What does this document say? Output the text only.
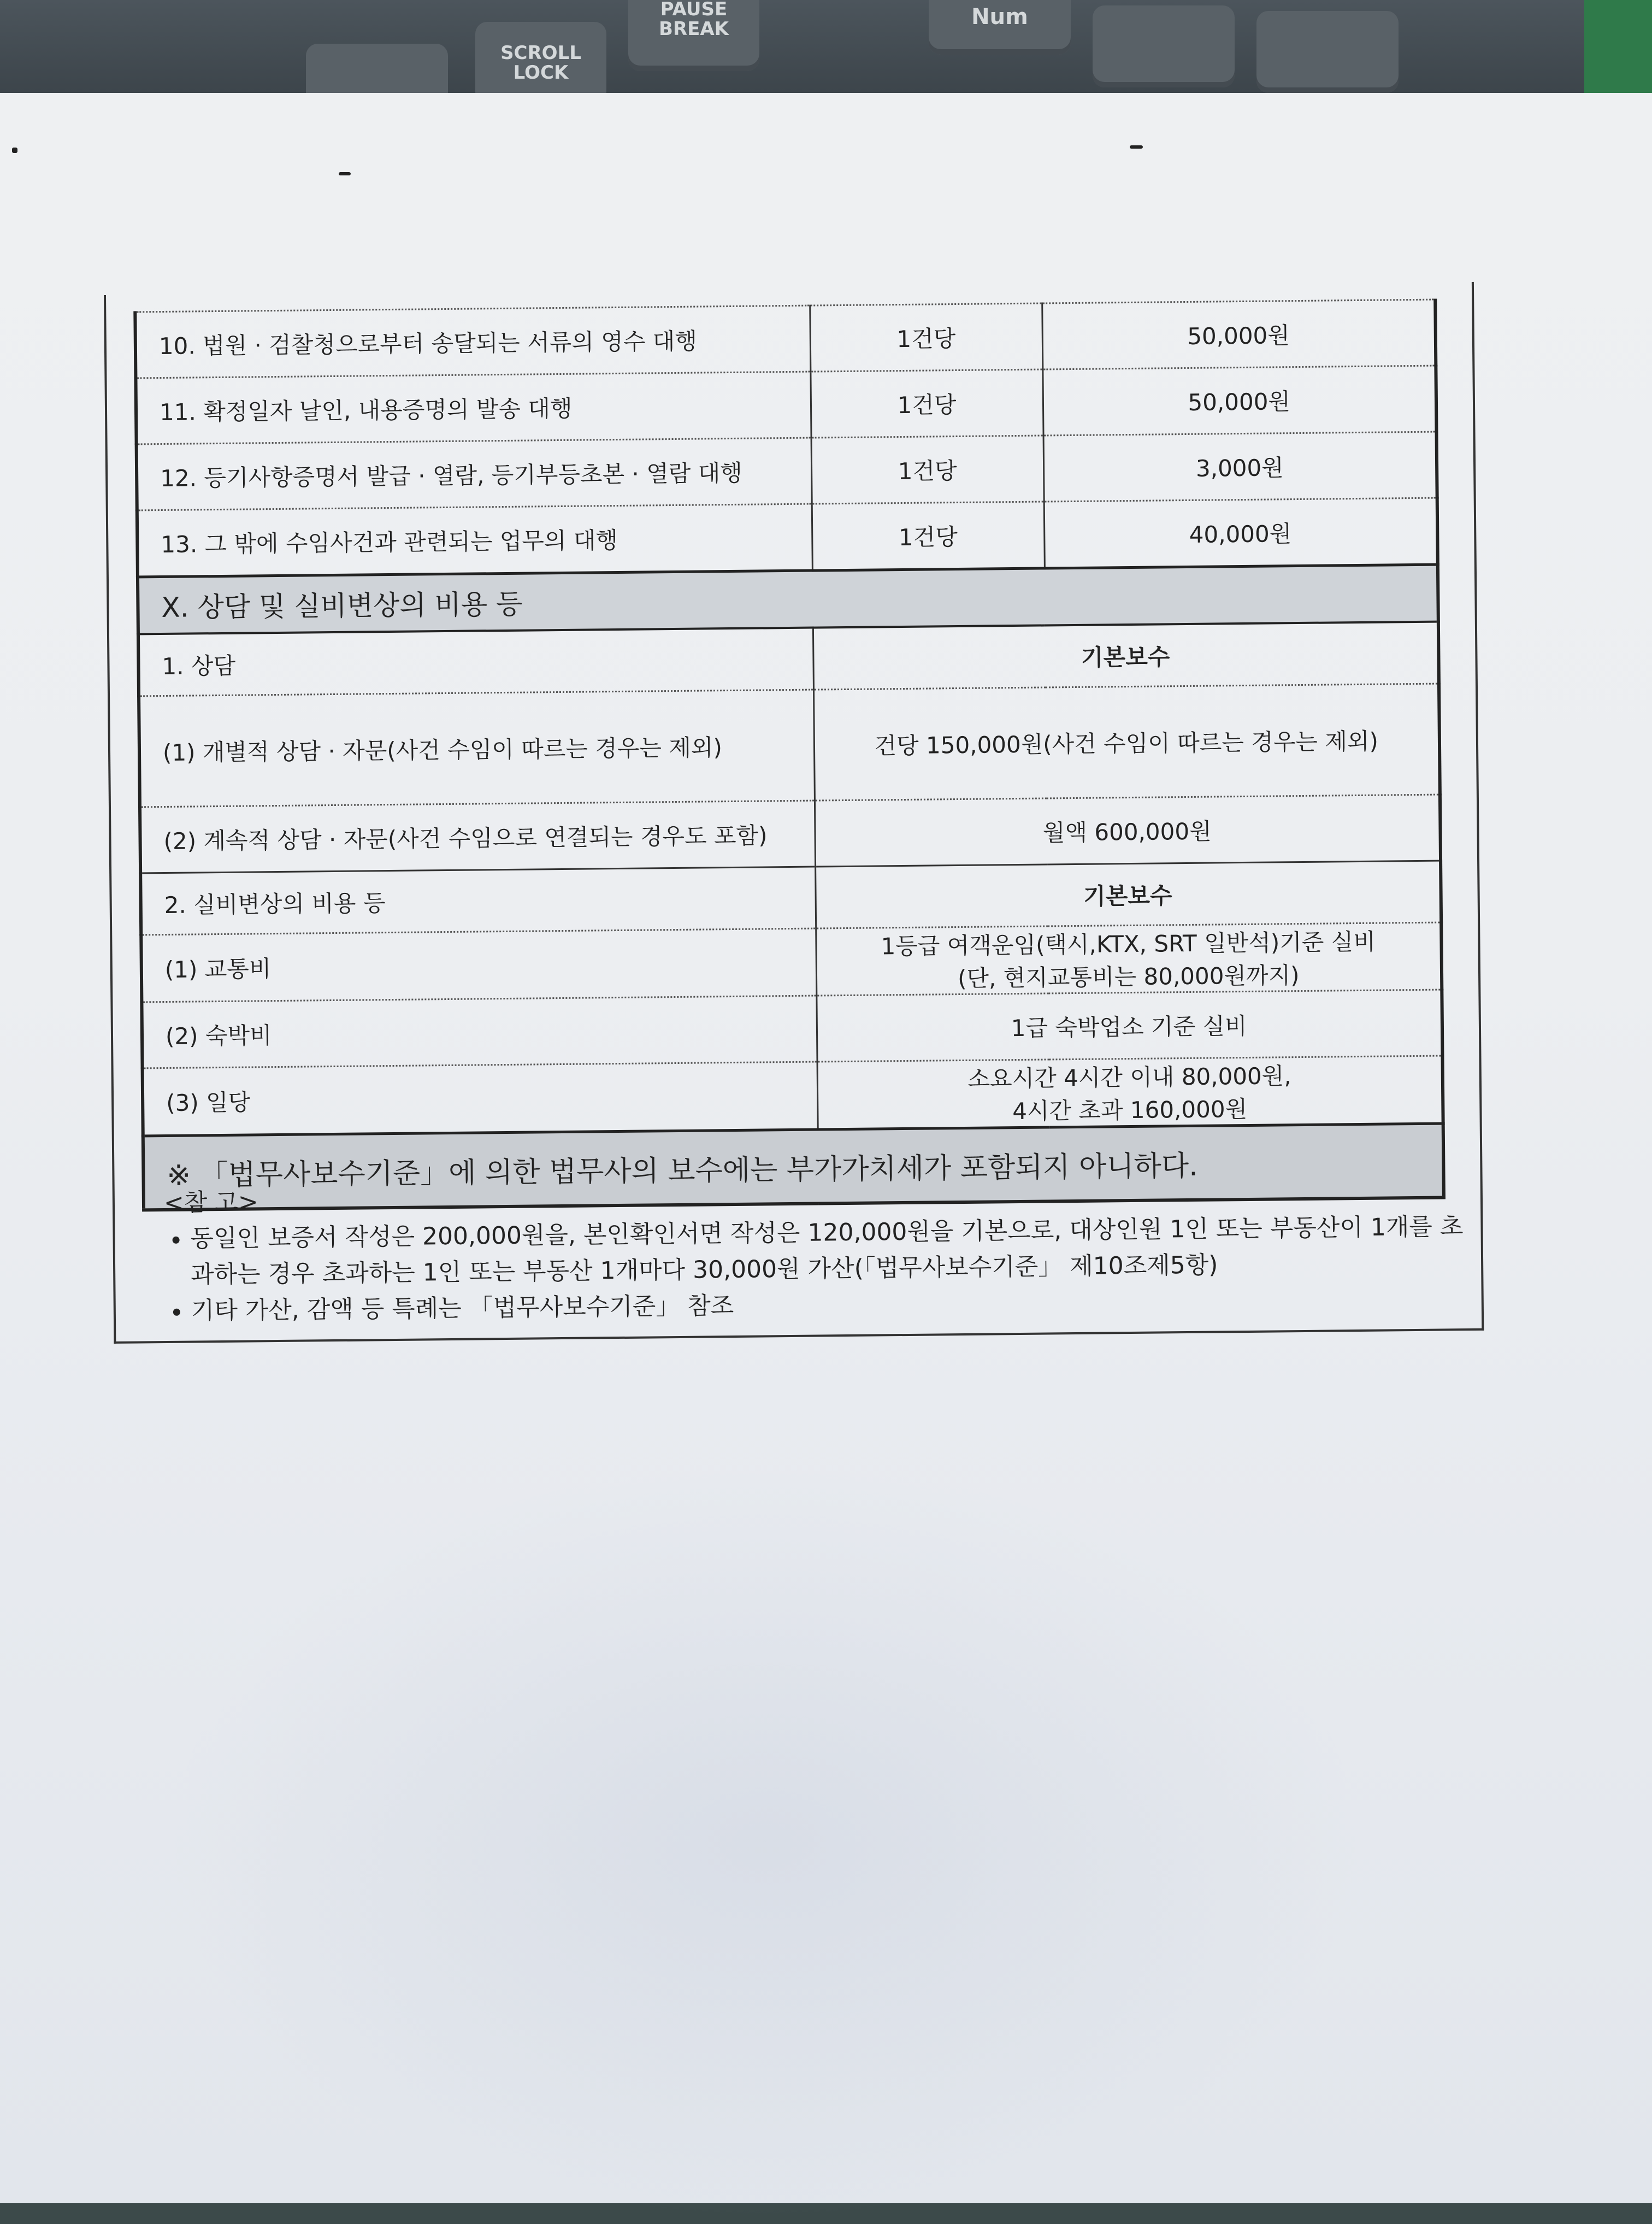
PAUSE BREAK
SCROLL LOCK
Num
10. 법원 · 검찰청으로부터 송달되는 서류의 영수 대행	1건당	50,000원
11. 확정일자 날인, 내용증명의 발송 대행	1건당	50,000원
12. 등기사항증명서 발급 · 열람, 등기부등초본 · 열람 대행	1건당	3,000원
13. 그 밖에 수임사건과 관련되는 업무의 대행	1건당	40,000원
Ⅹ. 상담 및 실비변상의 비용 등		
1. 상담	기본보수	
(1) 개별적 상담 · 자문(사건 수임이 따르는 경우는 제외)	건당 150,000원(사건 수임이 따르는 경우는 제외)	
(2) 계속적 상담 · 자문(사건 수임으로 연결되는 경우도 포함)	월액 600,000원	
2. 실비변상의 비용 등	기본보수	
(1) 교통비	1등급 여객운임(택시,KTX, SRT 일반석)기준 실비
(단, 현지교통비는 80,000원까지)	

(2) 숙박비	1급 숙박업소 기준 실비	

(3) 일당	소요시간 4시간 이내 80,000원,
4시간 초과 160,000원	

※ 「법무사보수기준」에 의한 법무사의 보수에는 부가가치세가 포함되지 아니하다.		
<참 고>
• 동일인 보증서 작성은 200,000원을, 본인확인서면 작성은 120,000원을 기본으로, 대상인원 1인 또는 부동산이 1개를 초과하는 경우 초과하는 1인 또는 부동산 1개마다 30,000원 가산(「법무사보수기준」 제10조제5항)
• 기타 가산, 감액 등 특례는 「법무사보수기준」 참조
